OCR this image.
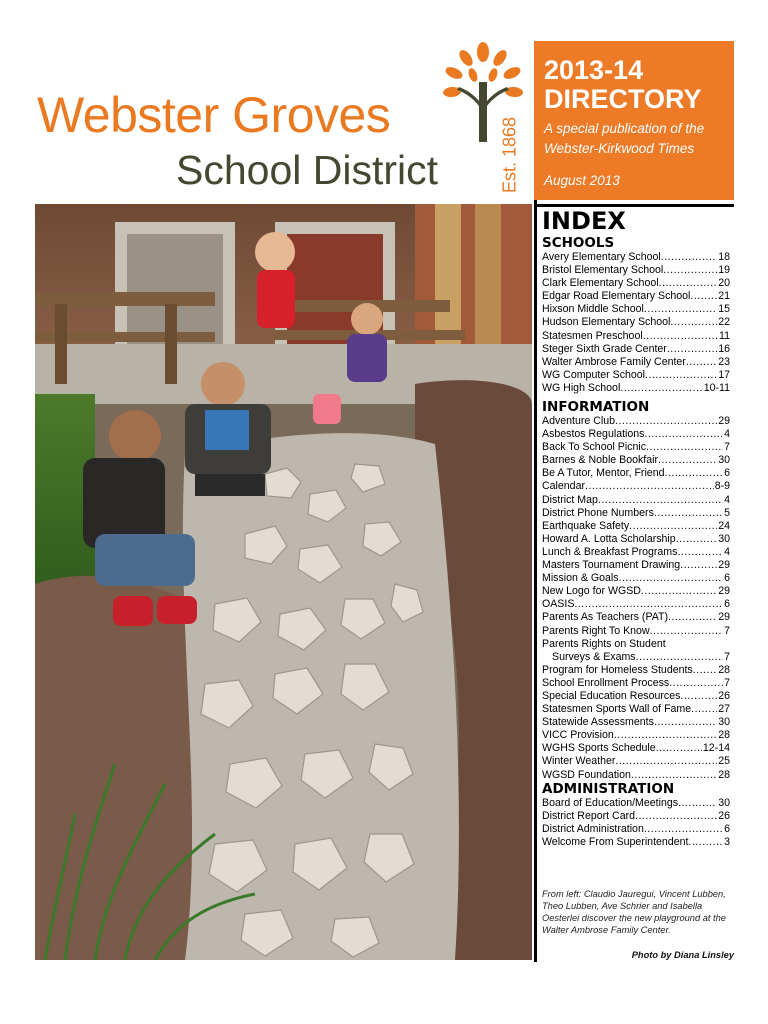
Webster Groves
School District	Est. 1868
2013-14
DIRECTORY
A special publication of the
Webster-Kirkwood Times
August 2013
INDEX
SCHOOLS
Avery Elementary School .....	18
Bristol Elementary School .....	19
Clark Elementary School .....	20
Edgar Road Elementary School .....	21
Hixson Middle School .....	15
Hudson Elementary School .....	22
Statesmen Preschool .....	11
Steger Sixth Grade Center .....	16
Walter Ambrose Family Center .....	23
WG Computer School .....	17
WG High School .....	10-11
INFORMATION
Adventure Club .....	29
Asbestos Regulations .....	4
Back To School Picnic .....	7
Barnes & Noble Bookfair .....	30
Be A Tutor, Mentor, Friend .....	6
Calendar .....	8-9
District Map .....	4
District Phone Numbers .....	5
Earthquake Safety .....	24
Howard A. Lotta Scholarship .....	30
Lunch & Breakfast Programs .....	4
Masters Tournament Drawing .....	29
Mission & Goals .....	6
New Logo for WGSD .....	29
OASIS .....	6
Parents As Teachers (PAT) .....	29
Parents Right To Know .....	7
Parents Rights on Student
Surveys & Exams .....	7
Program for Homeless Students ..... 28
School Enrollment Process .....	7
Special Education Resources .....	26
Statesmen Sports Wall of Fame .....	27
Statewide Assessments .....	30
VICC Provision .....	28
WGHS Sports Schedule .....	12-14
Winter Weather .....	25
WGSD Foundation .....	28
ADMINISTRATION
Board of Education/Meetings .....	30
District Report Card .....	26
District Administration .....	6
Welcome From Superintendent .....	3
From left: Claudio Jauregui, Vincent Lubben, Theo Lubben, Ave Schrier and Isabella Oesterlei discover the new playground at the Walter Ambrose Family Center.
Photo by Diana Linsley
